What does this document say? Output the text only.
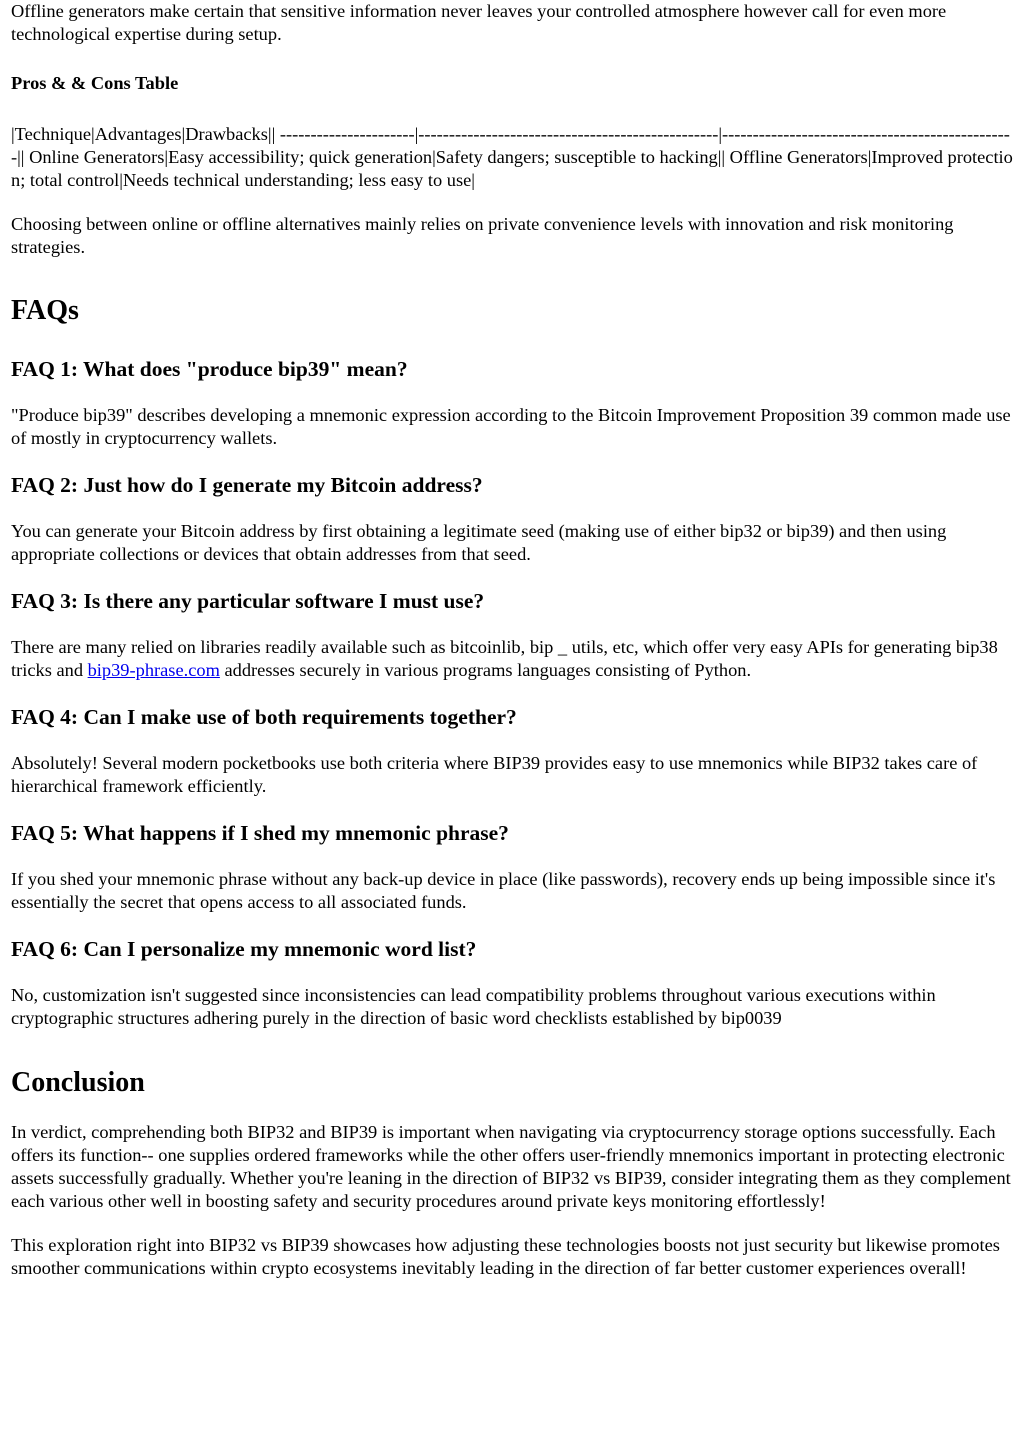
Offline generators make certain that sensitive information never leaves your controlled atmosphere however call for even more technological expertise during setup.

Pros & & Cons Table

|Technique|Advantages|Drawbacks|| ----------------------|-------------------------------------------------|------------------------------------------------|| Online Generators|Easy accessibility; quick generation|Safety dangers; susceptible to hacking|| Offline Generators|Improved protection; total control|Needs technical understanding; less easy to use|

Choosing between online or offline alternatives mainly relies on private convenience levels with innovation and risk monitoring strategies.

FAQs
FAQ 1: What does "produce bip39" mean?

"Produce bip39" describes developing a mnemonic expression according to the Bitcoin Improvement Proposition 39 common made use of mostly in cryptocurrency wallets.

FAQ 2: Just how do I generate my Bitcoin address?

You can generate your Bitcoin address by first obtaining a legitimate seed (making use of either bip32 or bip39) and then using appropriate collections or devices that obtain addresses from that seed.

FAQ 3: Is there any particular software I must use?

There are many relied on libraries readily available such as bitcoinlib, bip _ utils, etc, which offer very easy APIs for generating bip38 tricks and bip39-phrase.com addresses securely in various programs languages consisting of Python.

FAQ 4: Can I make use of both requirements together?

Absolutely! Several modern pocketbooks use both criteria where BIP39 provides easy to use mnemonics while BIP32 takes care of hierarchical framework efficiently.

FAQ 5: What happens if I shed my mnemonic phrase?

If you shed your mnemonic phrase without any back-up device in place (like passwords), recovery ends up being impossible since it's essentially the secret that opens access to all associated funds.

FAQ 6: Can I personalize my mnemonic word list?

No, customization isn't suggested since inconsistencies can lead compatibility problems throughout various executions within cryptographic structures adhering purely in the direction of basic word checklists established by bip0039

Conclusion

In verdict, comprehending both BIP32 and BIP39 is important when navigating via cryptocurrency storage options successfully. Each offers its function-- one supplies ordered frameworks while the other offers user-friendly mnemonics important in protecting electronic assets successfully gradually. Whether you're leaning in the direction of BIP32 vs BIP39, consider integrating them as they complement each various other well in boosting safety and security procedures around private keys monitoring effortlessly!

This exploration right into BIP32 vs BIP39 showcases how adjusting these technologies boosts not just security but likewise promotes smoother communications within crypto ecosystems inevitably leading in the direction of far better customer experiences overall!
